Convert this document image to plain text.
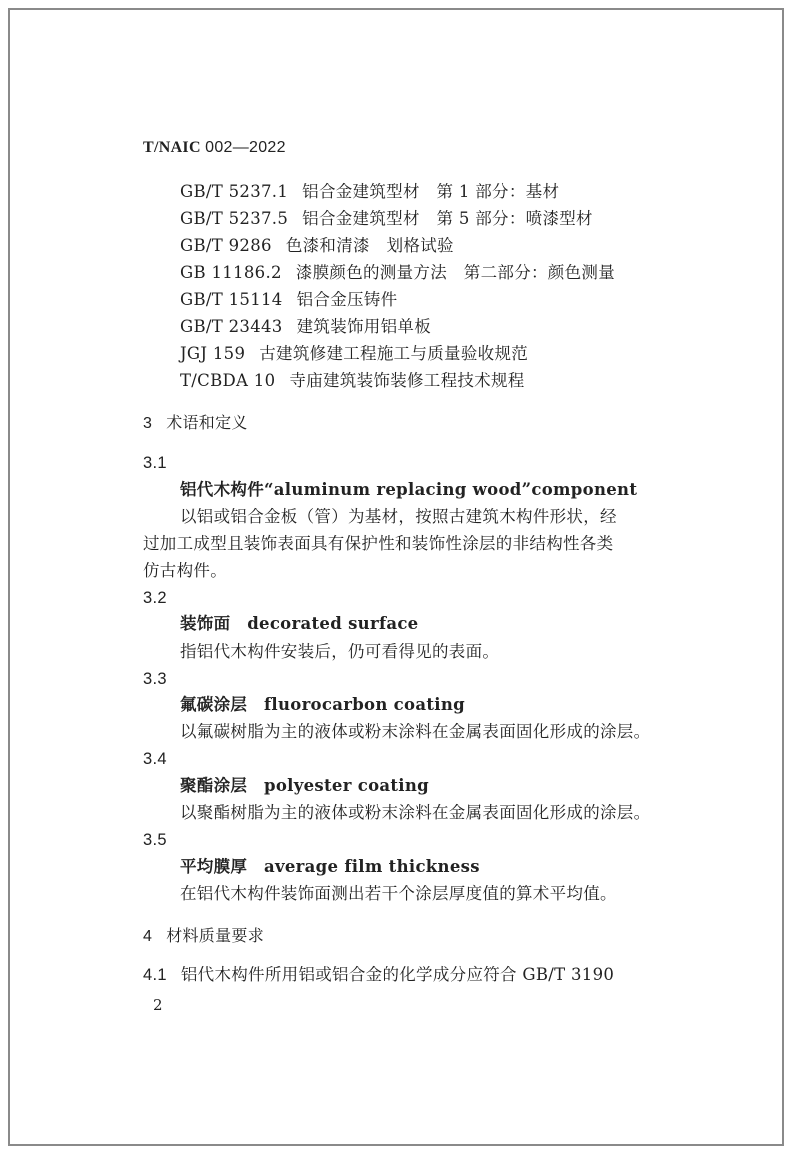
T/NAIC 002—2022
GB/T 5237.1 铝合金建筑型材　第 1 部分：基材
GB/T 5237.5 铝合金建筑型材　第 5 部分：喷漆型材
GB/T 9286 色漆和清漆　划格试验
GB 11186.2 漆膜颜色的测量方法　第二部分：颜色测量
GB/T 15114 铝合金压铸件
GB/T 23443 建筑装饰用铝单板
JGJ 159 古建筑修建工程施工与质量验收规范
T/CBDA 10 寺庙建筑装饰装修工程技术规程
3 术语和定义
3.1
铝代木构件“aluminum replacing wood”component
以铝或铝合金板（管）为基材，按照古建筑木构件形状，经
过加工成型且装饰表面具有保护性和装饰性涂层的非结构性各类
仿古构件。
3.2
装饰面　decorated surface
指铝代木构件安装后，仍可看得见的表面。
3.3
氟碳涂层　fluorocarbon coating
以氟碳树脂为主的液体或粉末涂料在金属表面固化形成的涂层。
3.4
聚酯涂层　polyester coating
以聚酯树脂为主的液体或粉末涂料在金属表面固化形成的涂层。
3.5
平均膜厚　average film thickness
在铝代木构件装饰面测出若干个涂层厚度值的算术平均值。
4 材料质量要求
4.1 铝代木构件所用铝或铝合金的化学成分应符合 GB/T 3190
2
